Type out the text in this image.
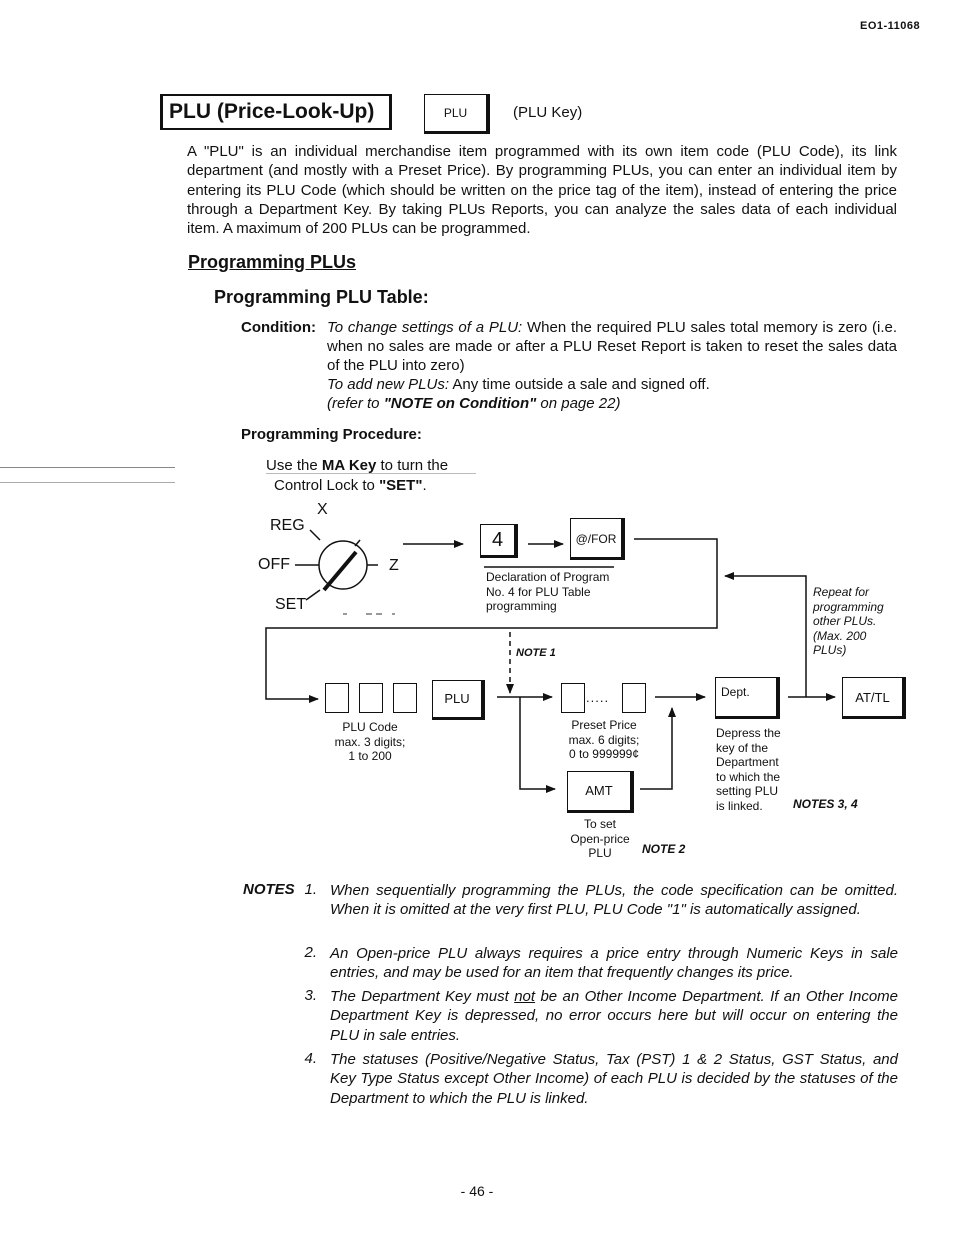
EO1-11068
PLU (Price-Look-Up)	PLU	(PLU Key)
A "PLU" is an individual merchandise item programmed with its own item code (PLU Code), its link department (and mostly with a Preset Price). By programming PLUs, you can enter an individual item by entering its PLU Code (which should be written on the price tag of the item), instead of entering the price through a Department Key. By taking PLUs Reports, you can analyze the sales data of each individual item. A maximum of 200 PLUs can be programmed.
Programming PLUs
Programming PLU Table:
Condition: To change settings of a PLU: When the required PLU sales total memory is zero (i.e. when no sales are made or after a PLU Reset Report is taken to reset the sales data of the PLU into zero)
To add new PLUs: Any time outside a sale and signed off.
(refer to "NOTE on Condition" on page 22)
Programming Procedure:
Use the MA Key to turn the
Control Lock to "SET".
X
REG
OFF	Z
SET
4	@/FOR
Declaration of Program
No. 4 for PLU Table
programming
Repeat for
programming
other PLUs.
(Max. 200
PLUs)
NOTE 1
PLU Code
max. 3 digits;
1 to 200
PLU	.....
Preset Price
max. 6 digits;
0 to 999999¢
Dept.
Depress the
key of the
Department
to which the
setting PLU
is linked.	NOTES 3, 4
AT/TL
AMT
To set
Open-price
PLU	NOTE 2
NOTES 1. When sequentially programming the PLUs, the code specification can be omitted. When it is omitted at the very first PLU, PLU Code "1" is automatically assigned.
2. An Open-price PLU always requires a price entry through Numeric Keys in sale entries, and may be used for an item that frequently changes its price.
3. The Department Key must not be an Other Income Department. If an Other Income Department Key is depressed, no error occurs here but will occur on entering the PLU in sale entries.
4. The statuses (Positive/Negative Status, Tax (PST) 1 & 2 Status, GST Status, and Key Type Status except Other Income) of each PLU is decided by the statuses of the Department to which the PLU is linked.
- 46 -
